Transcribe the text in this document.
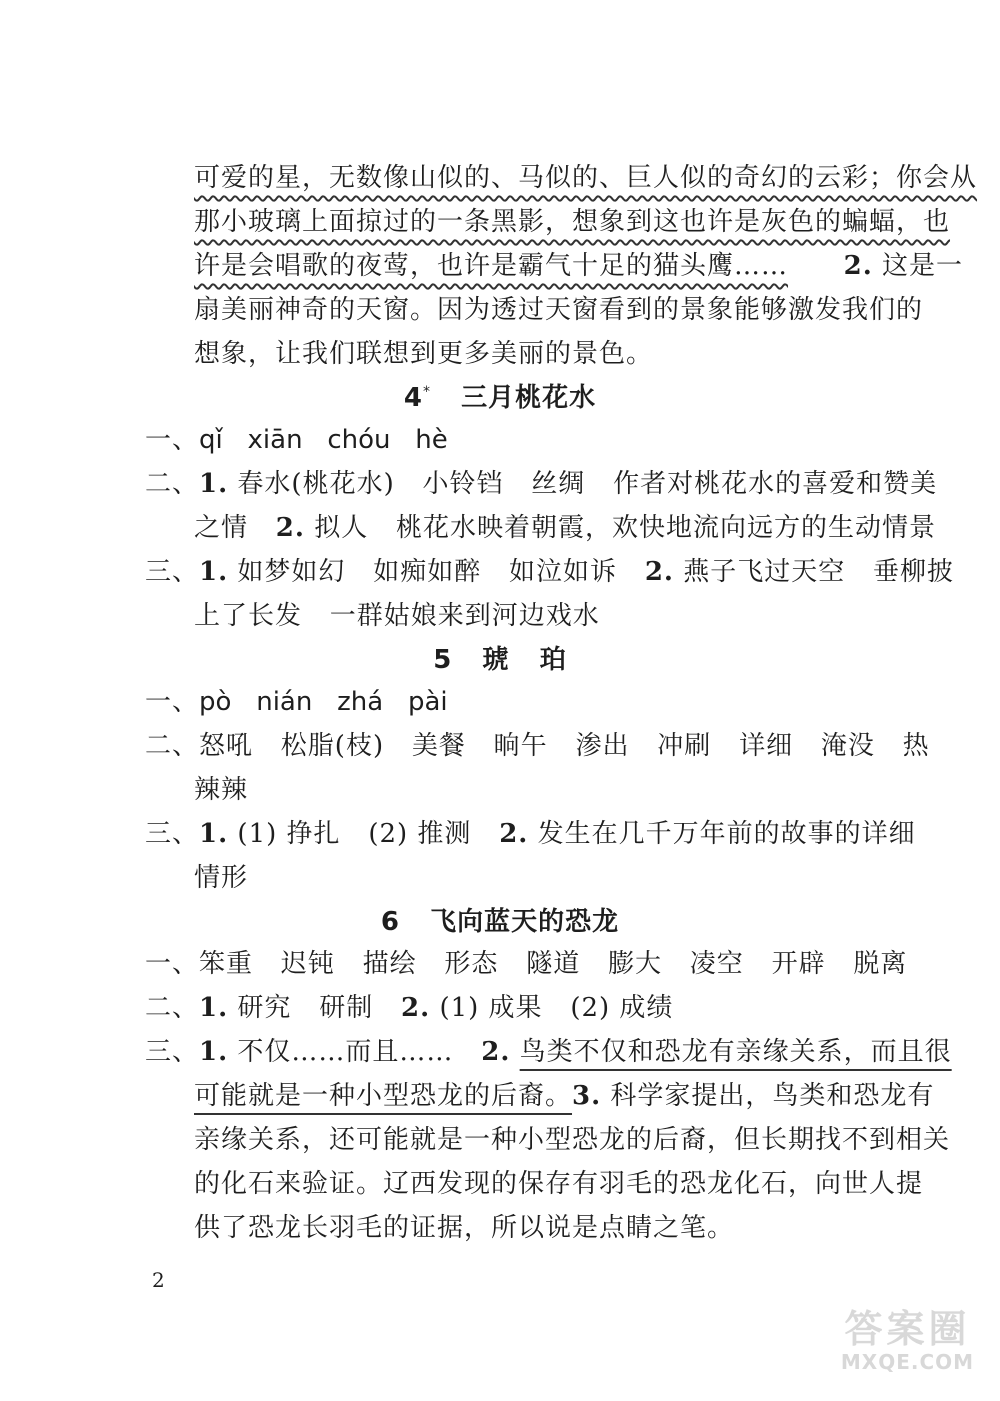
可爱的星，无数像山似的、马似的、巨人似的奇幻的云彩；你会从
那小玻璃上面掠过的一条黑影，想象到这也许是灰色的蝙蝠，也
许是会唱歌的夜莺，也许是霸气十足的猫头鹰…… 2. 这是一
扇美丽神奇的天窗。因为透过天窗看到的景象能够激发我们的
想象，让我们联想到更多美丽的景色。
4* 三月桃花水
一、qǐ   xiān   chóu   hè
二、1. 春水(桃花水)   小铃铛   丝绸   作者对桃花水的喜爱和赞美
之情   2. 拟人   桃花水映着朝霞，欢快地流向远方的生动情景
三、1. 如梦如幻   如痴如醉   如泣如诉   2. 燕子飞过天空   垂柳披
上了长发   一群姑娘来到河边戏水
5 琥   珀
一、pò   nián   zhá   pài
二、怒吼   松脂(枝)   美餐   晌午   渗出   冲刷   详细   淹没   热
辣辣
三、1. (1) 挣扎   (2) 推测   2. 发生在几千万年前的故事的详细
情形
6 飞向蓝天的恐龙
一、笨重   迟钝   描绘   形态   隧道   膨大   凌空   开辟   脱离
二、1. 研究   研制   2. (1) 成果   (2) 成绩
三、1. 不仅……而且……   2. 鸟类不仅和恐龙有亲缘关系，而且很
可能就是一种小型恐龙的后裔。3. 科学家提出，鸟类和恐龙有
亲缘关系，还可能就是一种小型恐龙的后裔，但长期找不到相关
的化石来验证。辽西发现的保存有羽毛的恐龙化石，向世人提
供了恐龙长羽毛的证据，所以说是点睛之笔。
2
答案圈
MXQE.COM
